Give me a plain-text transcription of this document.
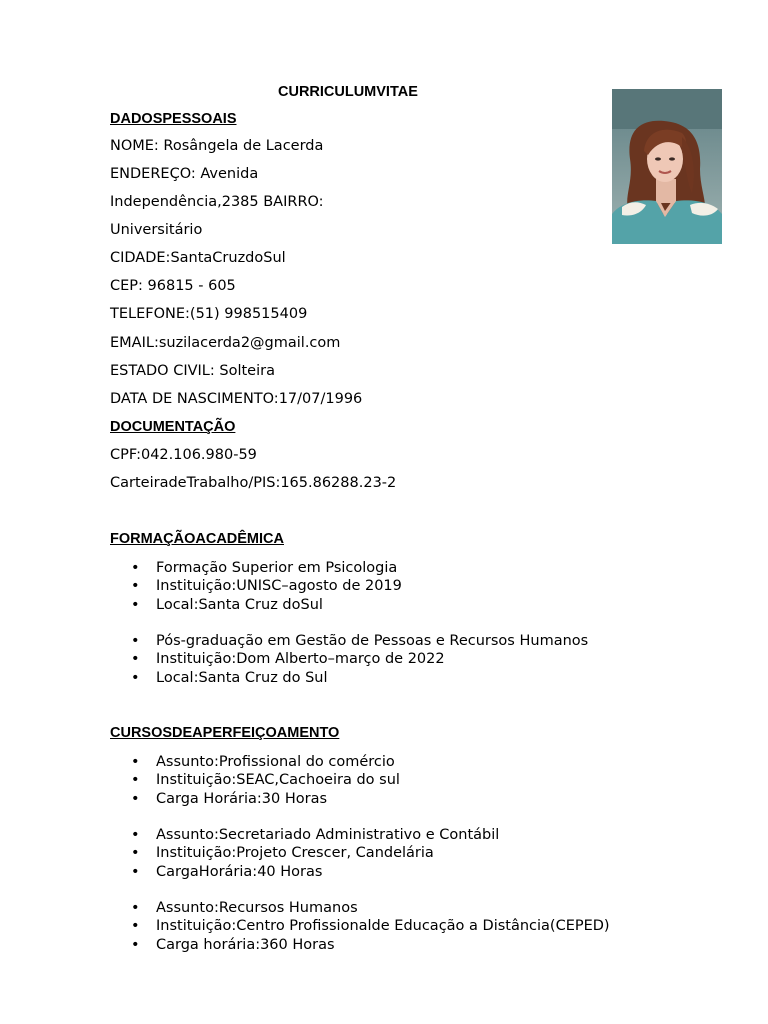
CURRICULUMVITAE

DADOSPESSOAIS

NOME: Rosângela de Lacerda

ENDEREÇO: Avenida

Independência,2385 BAIRRO:

Universitário

CIDADE:SantaCruzdoSul

CEP: 96815 - 605

TELEFONE:(51) 998515409

EMAIL:suzilacerda2@gmail.com

ESTADO CIVIL: Solteira

DATA DE NASCIMENTO:17/07/1996

DOCUMENTAÇÃO

CPF:042.106.980-59

CarteiradeTrabalho/PIS:165.86288.23-2

FORMAÇÃOACADÊMICA

• Formação Superior em Psicologia
• Instituição:UNISC–agosto de 2019
• Local:Santa Cruz doSul
• Pós-graduação em Gestão de Pessoas e Recursos Humanos
• Instituição:Dom Alberto–março de 2022
• Local:Santa Cruz do Sul

CURSOSDEAPERFEIÇOAMENTO

• Assunto:Profissional do comércio
• Instituição:SEAC,Cachoeira do sul
• Carga Horária:30 Horas
• Assunto:Secretariado Administrativo e Contábil
• Instituição:Projeto Crescer, Candelária
• CargaHorária:40 Horas
• Assunto:Recursos Humanos
• Instituição:Centro Profissionalde Educação a Distância(CEPED)
• Carga horária:360 Horas
